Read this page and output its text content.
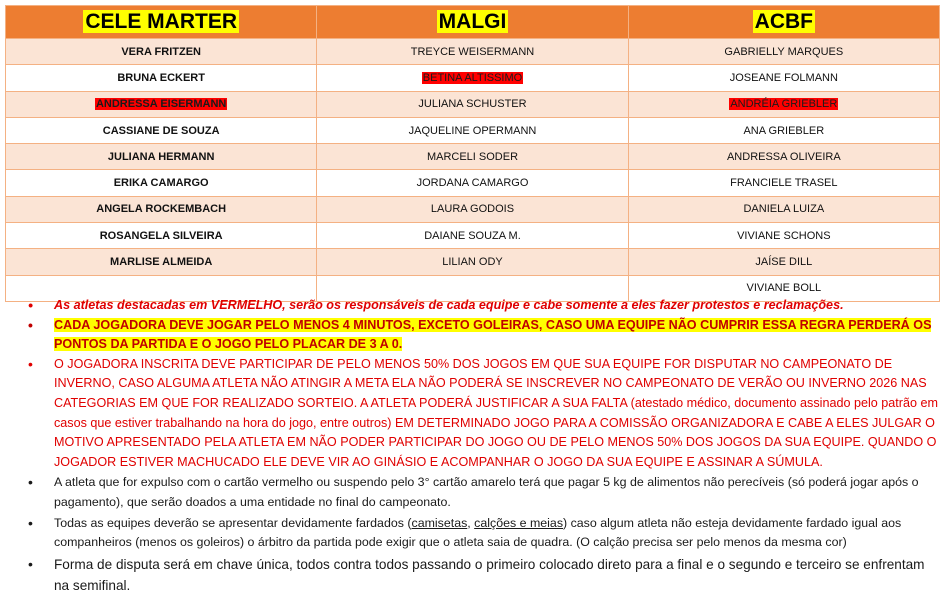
CELE MARTER	MALGI	ACBF
VERA FRITZEN	TREYCE WEISERMANN	GABRIELLY MARQUES
BRUNA ECKERT	BETINA ALTISSIMO	JOSEANE FOLMANN
ANDRESSA EISERMANN	JULIANA SCHUSTER	ANDRÉIA GRIEBLER
CASSIANE DE SOUZA	JAQUELINE OPERMANN	ANA GRIEBLER
JULIANA HERMANN	MARCELI SODER	ANDRESSA OLIVEIRA
ERIKA CAMARGO	JORDANA CAMARGO	FRANCIELE TRASEL
ANGELA ROCKEMBACH	LAURA GODOIS	DANIELA LUIZA
ROSANGELA SILVEIRA	DAIANE SOUZA M.	VIVIANE SCHONS
MARLISE ALMEIDA	LILIAN ODY	JAÍSE DILL
		VIVIANE BOLL
• As atletas destacadas em VERMELHO, serão os responsáveis de cada equipe e cabe somente a eles fazer protestos e reclamações.
• CADA JOGADORA DEVE JOGAR PELO MENOS 4 MINUTOS, EXCETO GOLEIRAS, CASO UMA EQUIPE NÃO CUMPRIR ESSA REGRA PERDERÁ OS PONTOS DA PARTIDA E O JOGO PELO PLACAR DE 3 A 0.
• O JOGADORA INSCRITA DEVE PARTICIPAR DE PELO MENOS 50% DOS JOGOS EM QUE SUA EQUIPE FOR DISPUTAR NO CAMPEONATO DE INVERNO, CASO ALGUMA ATLETA NÃO ATINGIR A META ELA NÃO PODERÁ SE INSCREVER NO CAMPEONATO DE VERÃO OU INVERNO 2026 NAS CATEGORIAS EM QUE FOR REALIZADO SORTEIO. A ATLETA PODERÁ JUSTIFICAR A SUA FALTA (atestado médico, documento assinado pelo patrão em casos que estiver trabalhando na hora do jogo, entre outros) EM DETERMINADO JOGO PARA A COMISSÃO ORGANIZADORA E CABE A ELES JULGAR O MOTIVO APRESENTADO PELA ATLETA EM NÃO PODER PARTICIPAR DO JOGO OU DE PELO MENOS 50% DOS JOGOS DA SUA EQUIPE. QUANDO O JOGADOR ESTIVER MACHUCADO ELE DEVE VIR AO GINÁSIO E ACOMPANHAR O JOGO DA SUA EQUIPE E ASSINAR A SÚMULA.
• A atleta que for expulso com o cartão vermelho ou suspendo pelo 3° cartão amarelo terá que pagar 5 kg de alimentos não perecíveis (só poderá jogar após o pagamento), que serão doados a uma entidade no final do campeonato.
• Todas as equipes deverão se apresentar devidamente fardados (camisetas, calções e meias) caso algum atleta não esteja devidamente fardado igual aos companheiros (menos os goleiros) o árbitro da partida pode exigir que o atleta saia de quadra. (O calção precisa ser pelo menos da mesma cor)
• Forma de disputa será em chave única, todos contra todos passando o primeiro colocado direto para a final e o segundo e terceiro se enfrentam na semifinal.
